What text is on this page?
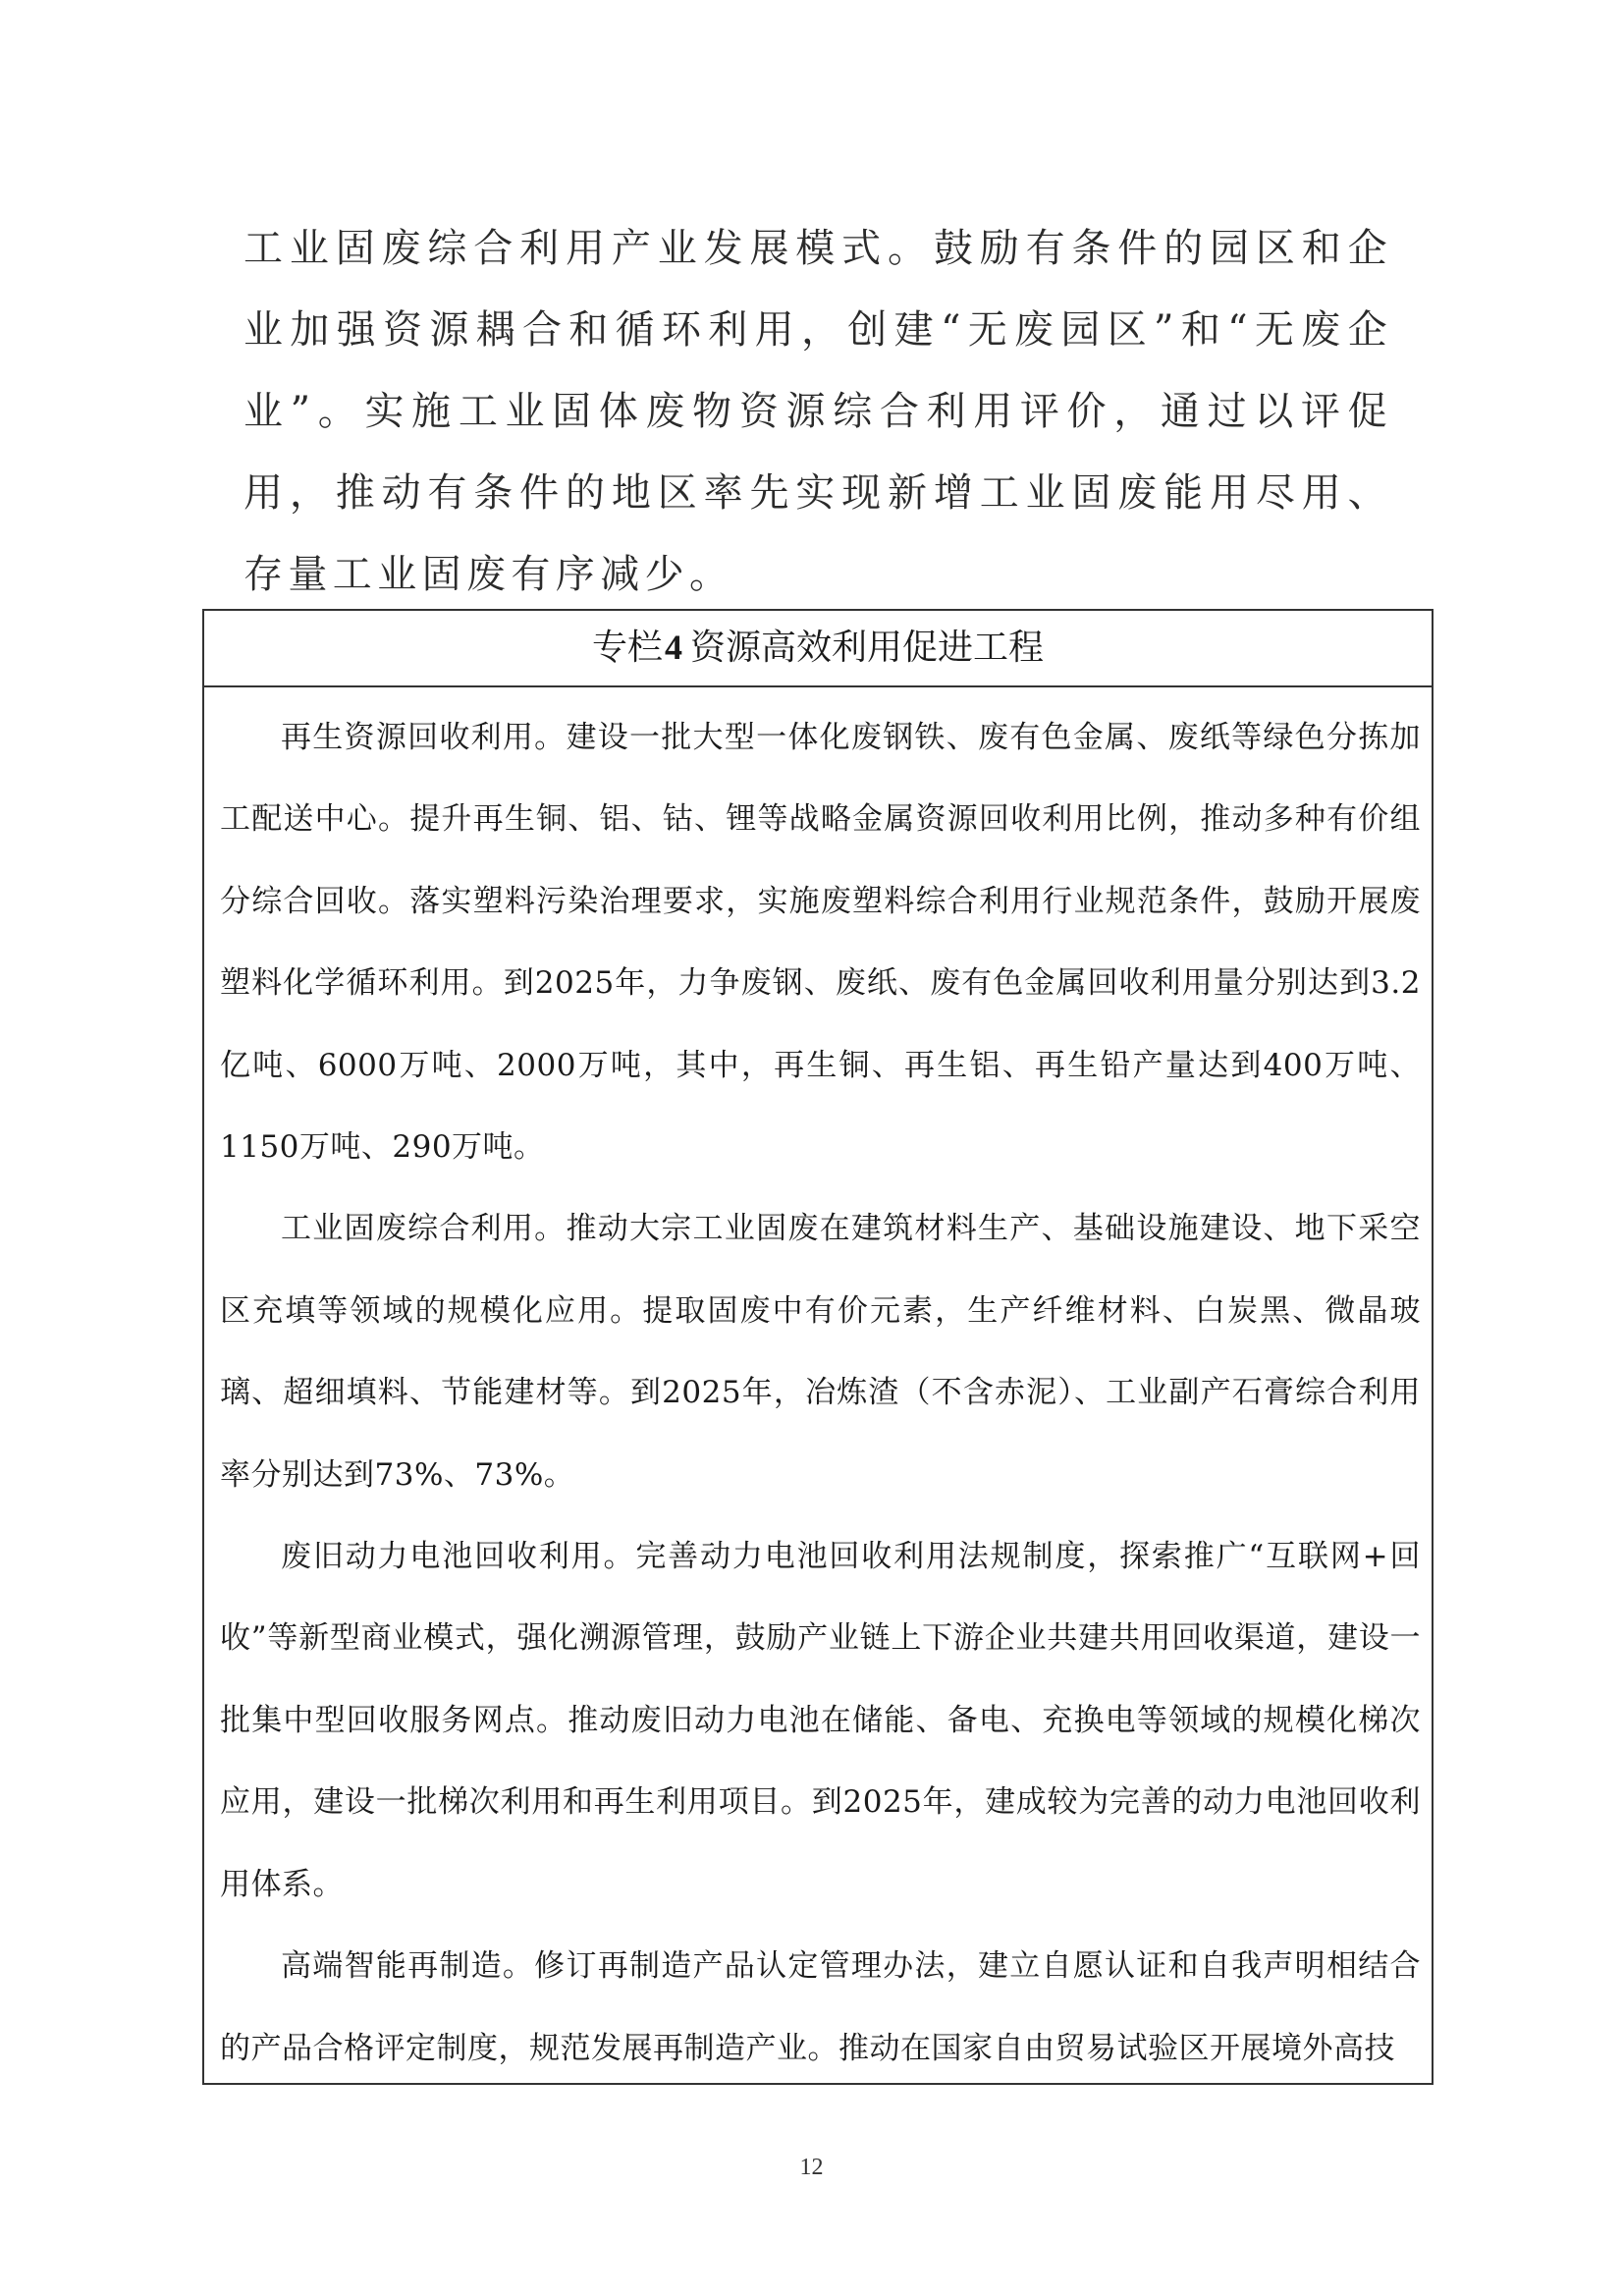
工业固废综合利用产业发展模式。鼓励有条件的园区和企业加强资源耦合和循环利用，创建“无废园区”和“无废企业”。实施工业固体废物资源综合利用评价，通过以评促用，推动有条件的地区率先实现新增工业固废能用尽用、存量工业固废有序减少。

专栏4 资源高效利用促进工程

再生资源回收利用。建设一批大型一体化废钢铁、废有色金属、废纸等绿色分拣加工配送中心。提升再生铜、铝、钴、锂等战略金属资源回收利用比例，推动多种有价组分综合回收。落实塑料污染治理要求，实施废塑料综合利用行业规范条件，鼓励开展废塑料化学循环利用。到2025年，力争废钢、废纸、废有色金属回收利用量分别达到3.2亿吨、6000万吨、2000万吨，其中，再生铜、再生铝、再生铅产量达到400万吨、1150万吨、290万吨。

工业固废综合利用。推动大宗工业固废在建筑材料生产、基础设施建设、地下采空区充填等领域的规模化应用。提取固废中有价元素，生产纤维材料、白炭黑、微晶玻璃、超细填料、节能建材等。到2025年，冶炼渣（不含赤泥）、工业副产石膏综合利用率分别达到73%、73%。

废旧动力电池回收利用。完善动力电池回收利用法规制度，探索推广“互联网+回收”等新型商业模式，强化溯源管理，鼓励产业链上下游企业共建共用回收渠道，建设一批集中型回收服务网点。推动废旧动力电池在储能、备电、充换电等领域的规模化梯次应用，建设一批梯次利用和再生利用项目。到2025年，建成较为完善的动力电池回收利用体系。

高端智能再制造。修订再制造产品认定管理办法，建立自愿认证和自我声明相结合的产品合格评定制度，规范发展再制造产业。推动在国家自由贸易试验区开展境外高技

12
